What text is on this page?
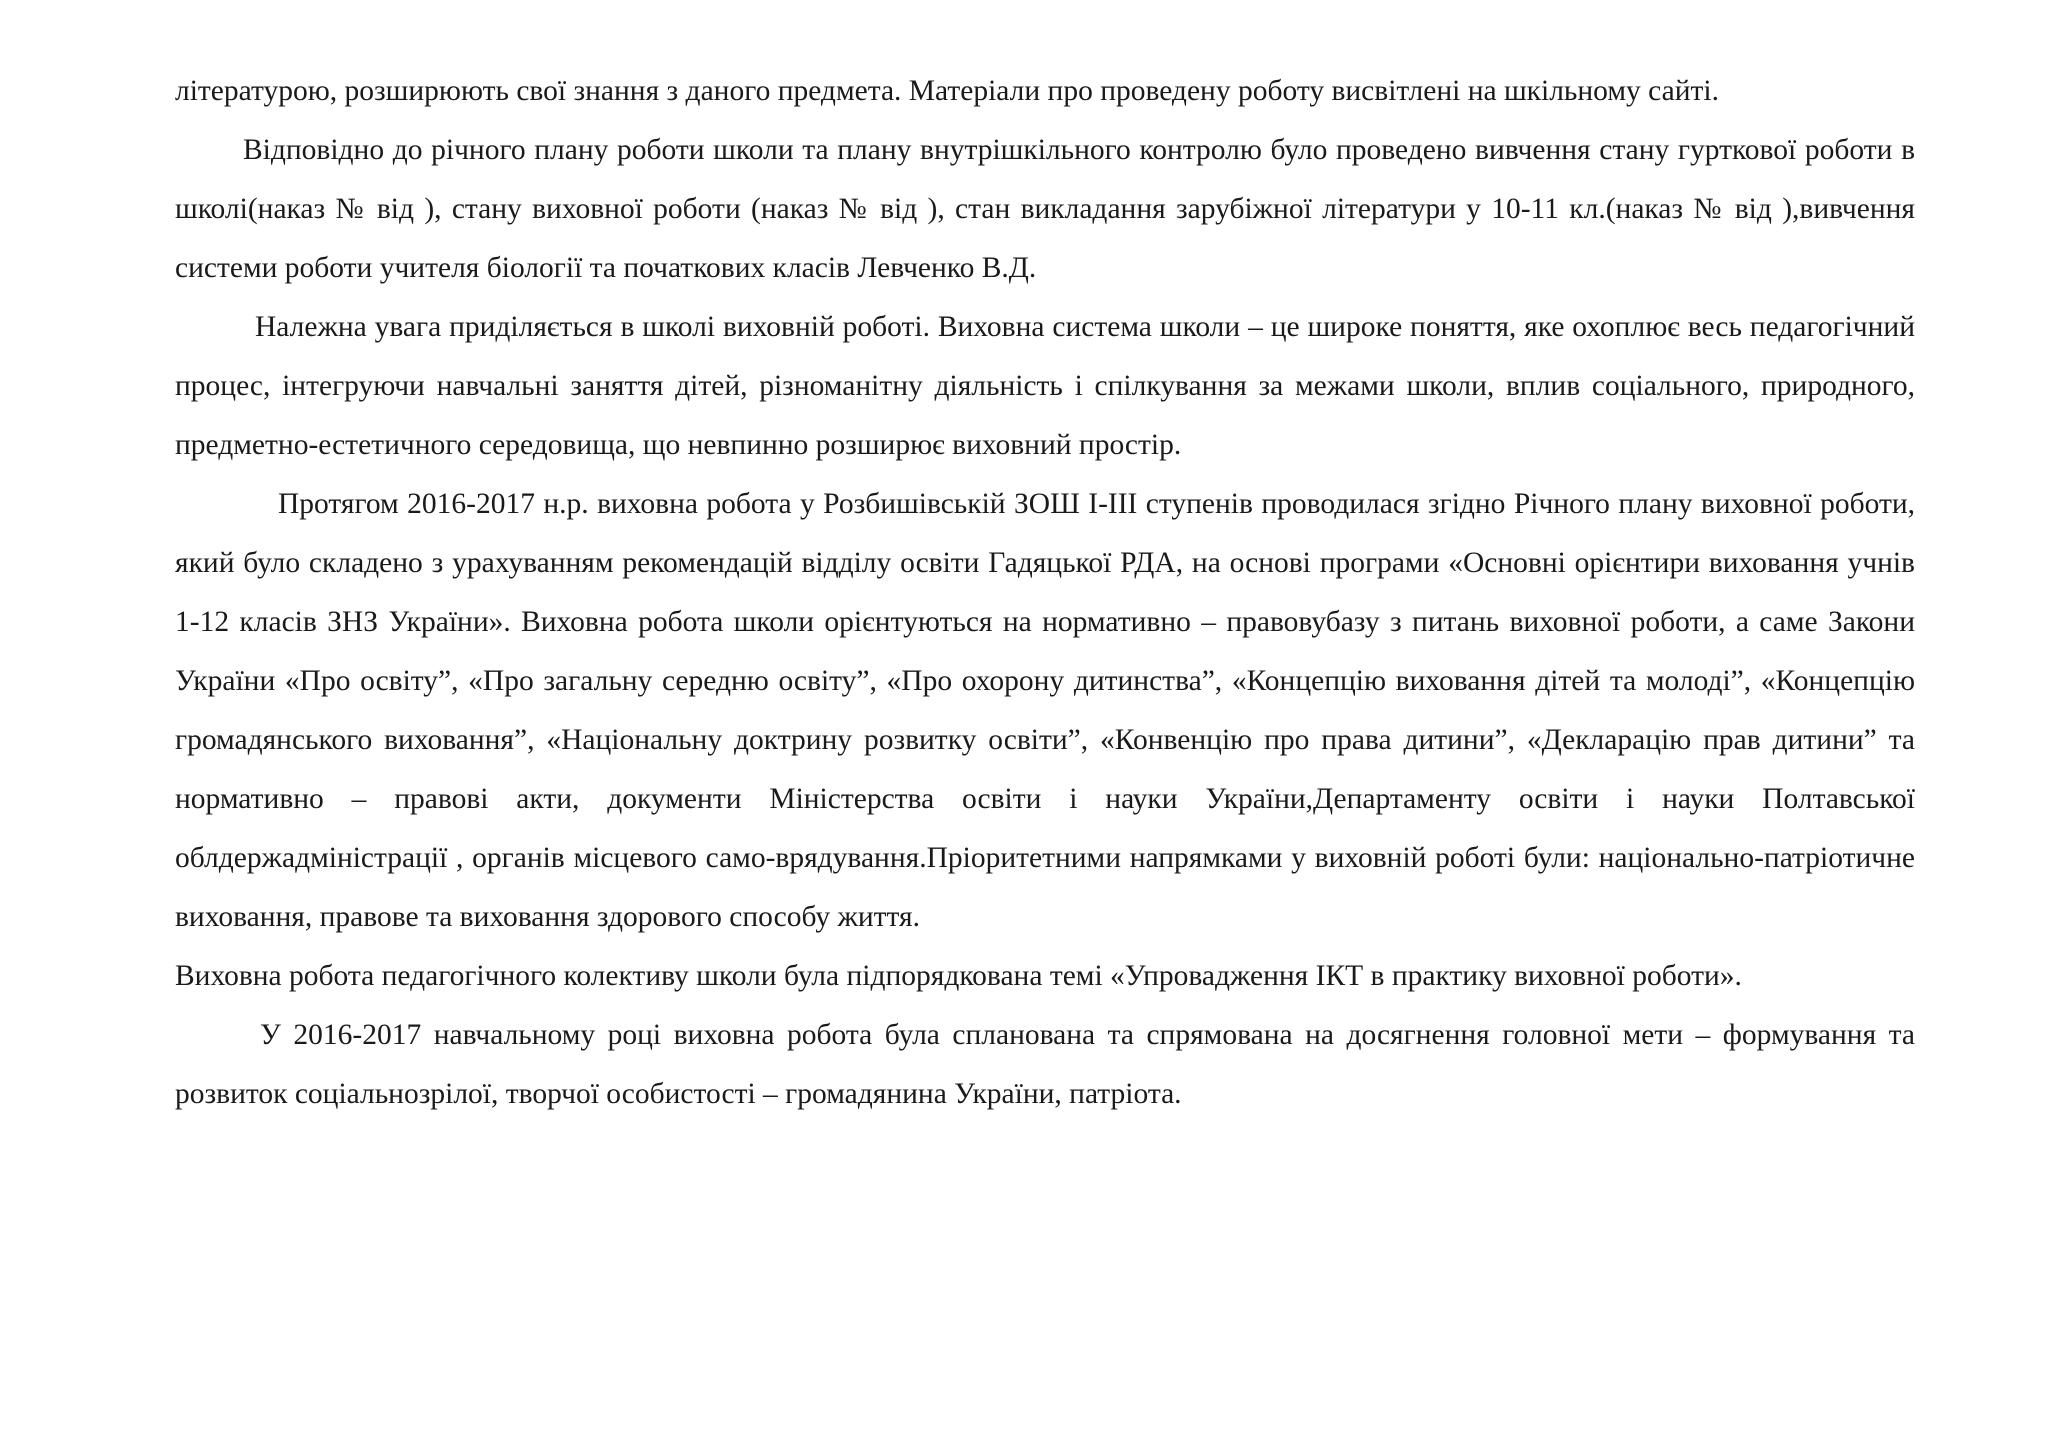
літературою, розширюють свої знання з даного предмета. Матеріали про проведену роботу висвітлені на шкільному сайті.

Відповідно до річного плану роботи школи та плану внутрішкільного контролю було проведено вивчення стану гурткової роботи в школі(наказ № від ), стану виховної роботи (наказ № від ), стан викладання зарубіжної літератури у 10-11 кл.(наказ № від ),вивчення системи роботи учителя біології та початкових класів Левченко В.Д.

Належна увага приділяється в школі виховній роботі. Виховна система школи – це широке поняття, яке охоплює весь педагогічний процес, інтегруючи навчальні заняття дітей, різноманітну діяльність і спілкування за межами школи, вплив соціального, природного, предметно-естетичного середовища, що невпинно розширює виховний простір.

Протягом 2016-2017 н.р. виховна робота у Розбишівській ЗОШ І-ІІІ ступенів проводилася згідно Річного плану виховної роботи, який було складено з урахуванням рекомендацій відділу освіти Гадяцької РДА, на основі програми «Основні орієнтири виховання учнів 1-12 класів ЗНЗ України». Виховна робота школи орієнтуються на нормативно – правовубазу з питань виховної роботи, а саме Закони України «Про освіту”, «Про загальну середню освіту”, «Про охорону дитинства”, «Концепцію виховання дітей та молоді”, «Концепцію громадянського виховання”, «Національну доктрину розвитку освіти”, «Конвенцію про права дитини”, «Декларацію прав дитини” та нормативно – правові акти, документи Міністерства освіти і науки України,Департаменту освіти і науки Полтавської облдержадміністрації , органів місцевого само-врядування.Пріоритетними напрямками у виховній роботі були: національно-патріотичне виховання, правове та виховання здорового способу життя.

Виховна робота педагогічного колективу школи була підпорядкована темі «Упровадження ІКТ в практику виховної роботи».

У 2016-2017 навчальному році виховна робота була спланована та спрямована на досягнення головної мети – формування та розвиток соціальнозрілої, творчої особистості – громадянина України, патріота.
